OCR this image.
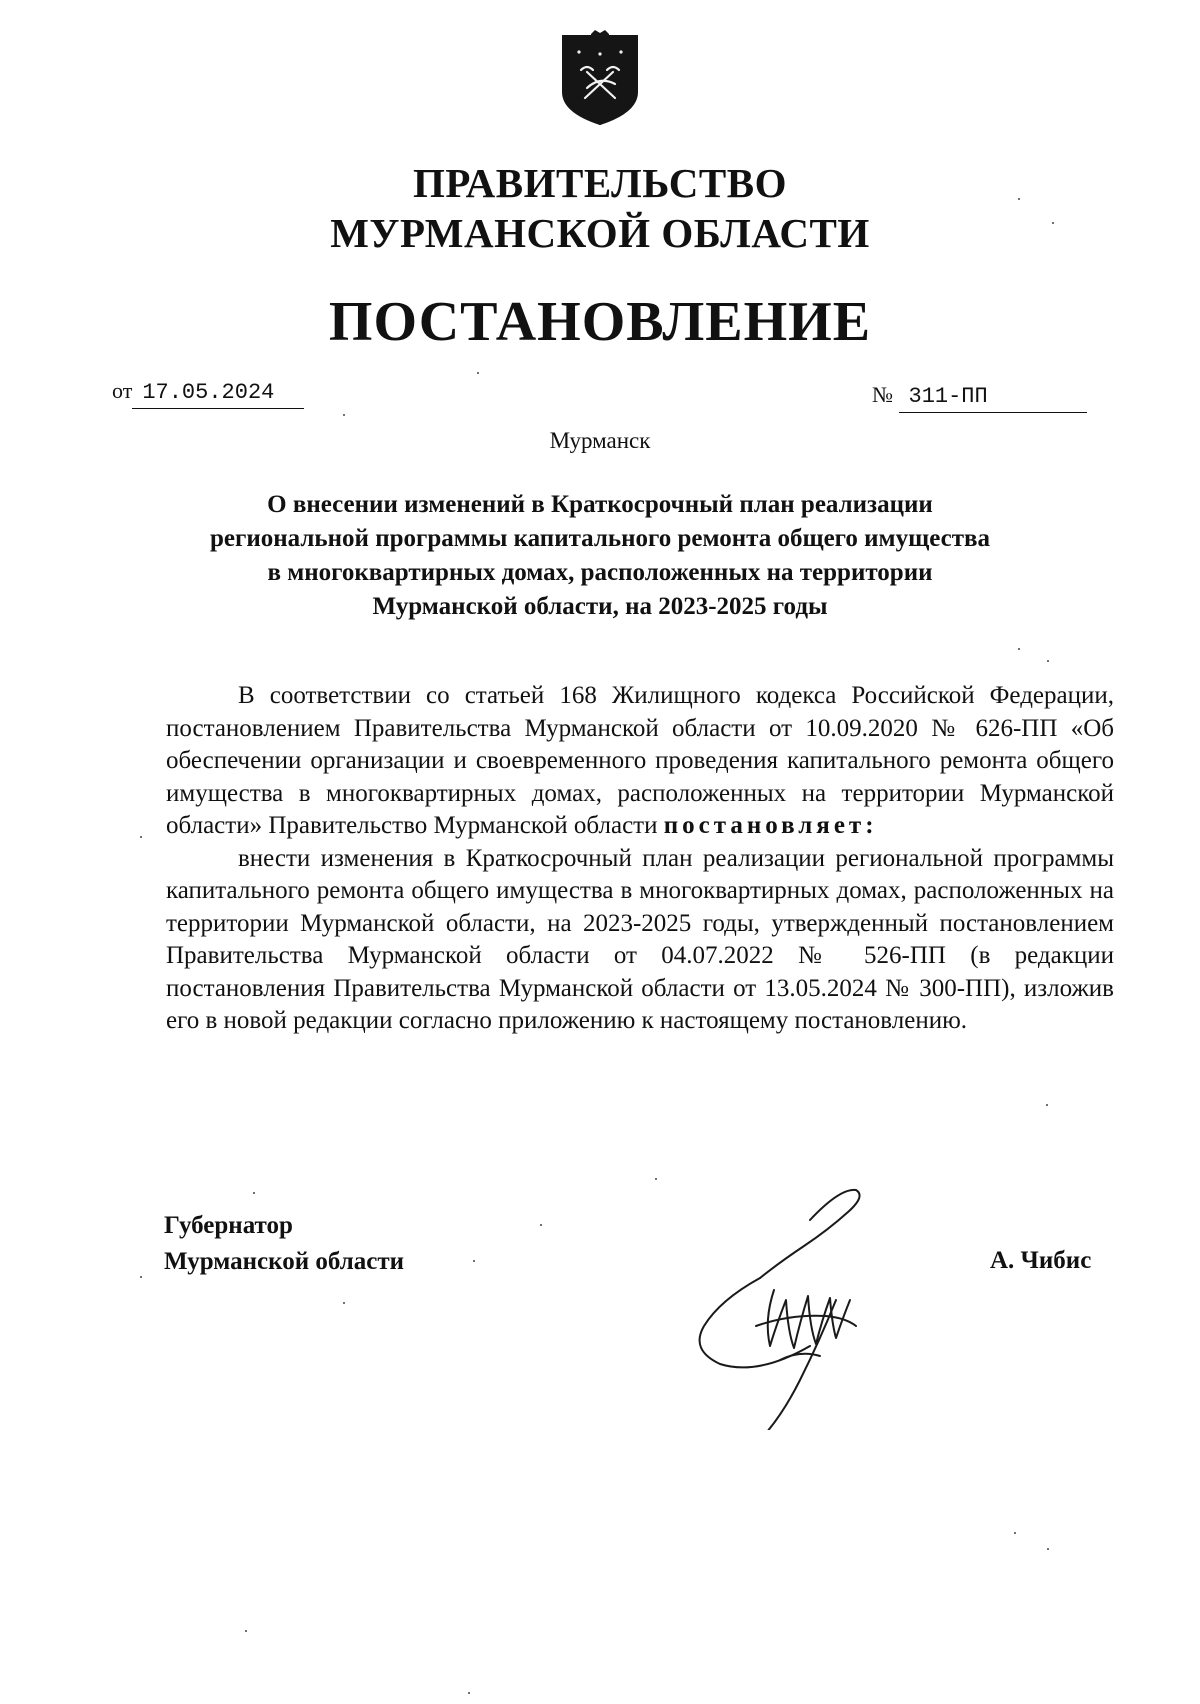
ПРАВИТЕЛЬСТВО
МУРМАНСКОЙ ОБЛАСТИ
ПОСТАНОВЛЕНИЕ
от 17.05.2024	№ 311-ПП
Мурманск
О внесении изменений в Краткосрочный план реализации
региональной программы капитального ремонта общего имущества
в многоквартирных домах, расположенных на территории
Мурманской области, на 2023-2025 годы

В соответствии со статьей 168 Жилищного кодекса Российской Федерации, постановлением Правительства Мурманской области от 10.09.2020 № 626-ПП «Об обеспечении организации и своевременного проведения капитального ремонта общего имущества в многоквартирных домах, расположенных на территории Мурманской области» Правительство Мурманской области постановляет:

внести изменения в Краткосрочный план реализации региональной программы капитального ремонта общего имущества в многоквартирных домах, расположенных на территории Мурманской области, на 2023-2025 годы, утвержденный постановлением Правительства Мурманской области от 04.07.2022 № 526-ПП (в редакции постановления Правительства Мурманской области от 13.05.2024 № 300-ПП), изложив его в новой редакции согласно приложению к настоящему постановлению.

Губернатор
Мурманской области	А. Чибис
